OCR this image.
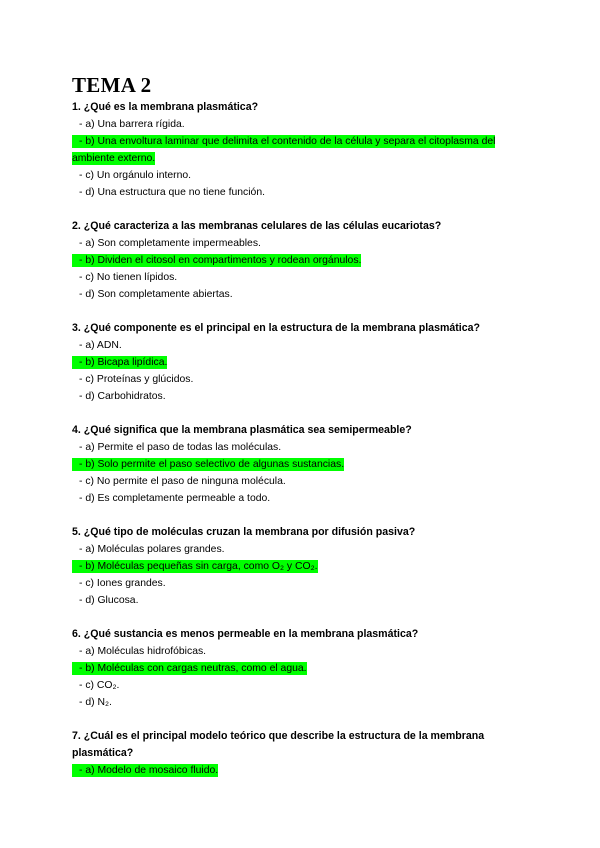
TEMA 2

1. ¿Qué es la membrana plasmática?

- a) Una barrera rígida.

- b) Una envoltura laminar que delimita el contenido de la célula y separa el citoplasma del ambiente externo.

- c) Un orgánulo interno.

- d) Una estructura que no tiene función.

2. ¿Qué caracteriza a las membranas celulares de las células eucariotas?

- a) Son completamente impermeables.

- b) Dividen el citosol en compartimentos y rodean orgánulos.

- c) No tienen lípidos.

- d) Son completamente abiertas.

3. ¿Qué componente es el principal en la estructura de la membrana plasmática?

- a) ADN.

- b) Bicapa lipídica.

- c) Proteínas y glúcidos.

- d) Carbohidratos.

4. ¿Qué significa que la membrana plasmática sea semipermeable?

- a) Permite el paso de todas las moléculas.

- b) Solo permite el paso selectivo de algunas sustancias.

- c) No permite el paso de ninguna molécula.

- d) Es completamente permeable a todo.

5. ¿Qué tipo de moléculas cruzan la membrana por difusión pasiva?

- a) Moléculas polares grandes.

- b) Moléculas pequeñas sin carga, como O₂ y CO₂.

- c) Iones grandes.

- d) Glucosa.

6. ¿Qué sustancia es menos permeable en la membrana plasmática?

- a) Moléculas hidrofóbicas.

- b) Moléculas con cargas neutras, como el agua.

- c) CO₂.

- d) N₂.

7. ¿Cuál es el principal modelo teórico que describe la estructura de la membrana plasmática?

- a) Modelo de mosaico fluido.
